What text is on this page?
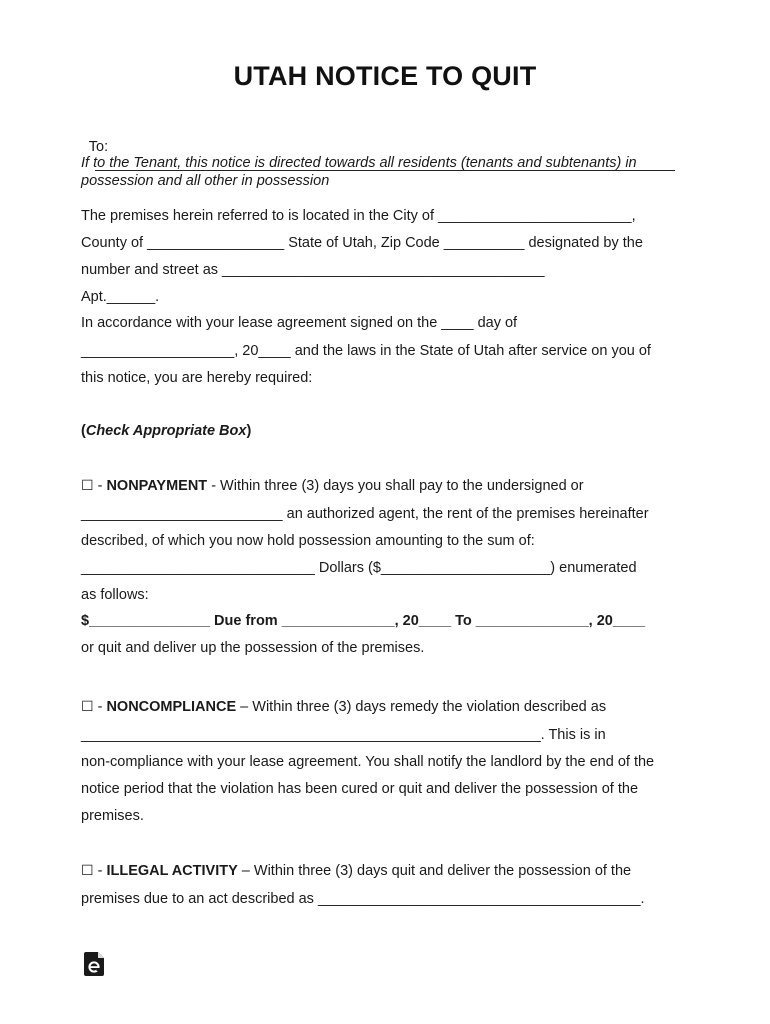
UTAH NOTICE TO QUIT

To:

If to the Tenant, this notice is directed towards all residents (tenants and subtenants) in
possession and all other in possession
The premises herein referred to is located in the City of ________________________,
County of _________________ State of Utah, Zip Code __________ designated by the
number and street as ________________________________________
Apt.______.
In accordance with your lease agreement signed on the ____ day of
___________________, 20____ and the laws in the State of Utah after service on you of
this notice, you are hereby required:
(Check Appropriate Box)
☐ - NONPAYMENT - Within three (3) days you shall pay to the undersigned or
_________________________ an authorized agent, the rent of the premises hereinafter
described, of which you now hold possession amounting to the sum of:
_____________________________ Dollars ($_____________________) enumerated
as follows:
$_______________ Due from ______________, 20____ To ______________, 20____
or quit and deliver up the possession of the premises.
☐ - NONCOMPLIANCE – Within three (3) days remedy the violation described as
_________________________________________________________. This is in
non-compliance with your lease agreement. You shall notify the landlord by the end of the
notice period that the violation has been cured or quit and deliver the possession of the
premises.
☐ - ILLEGAL ACTIVITY – Within three (3) days quit and deliver the possession of the
premises due to an act described as ________________________________________.
